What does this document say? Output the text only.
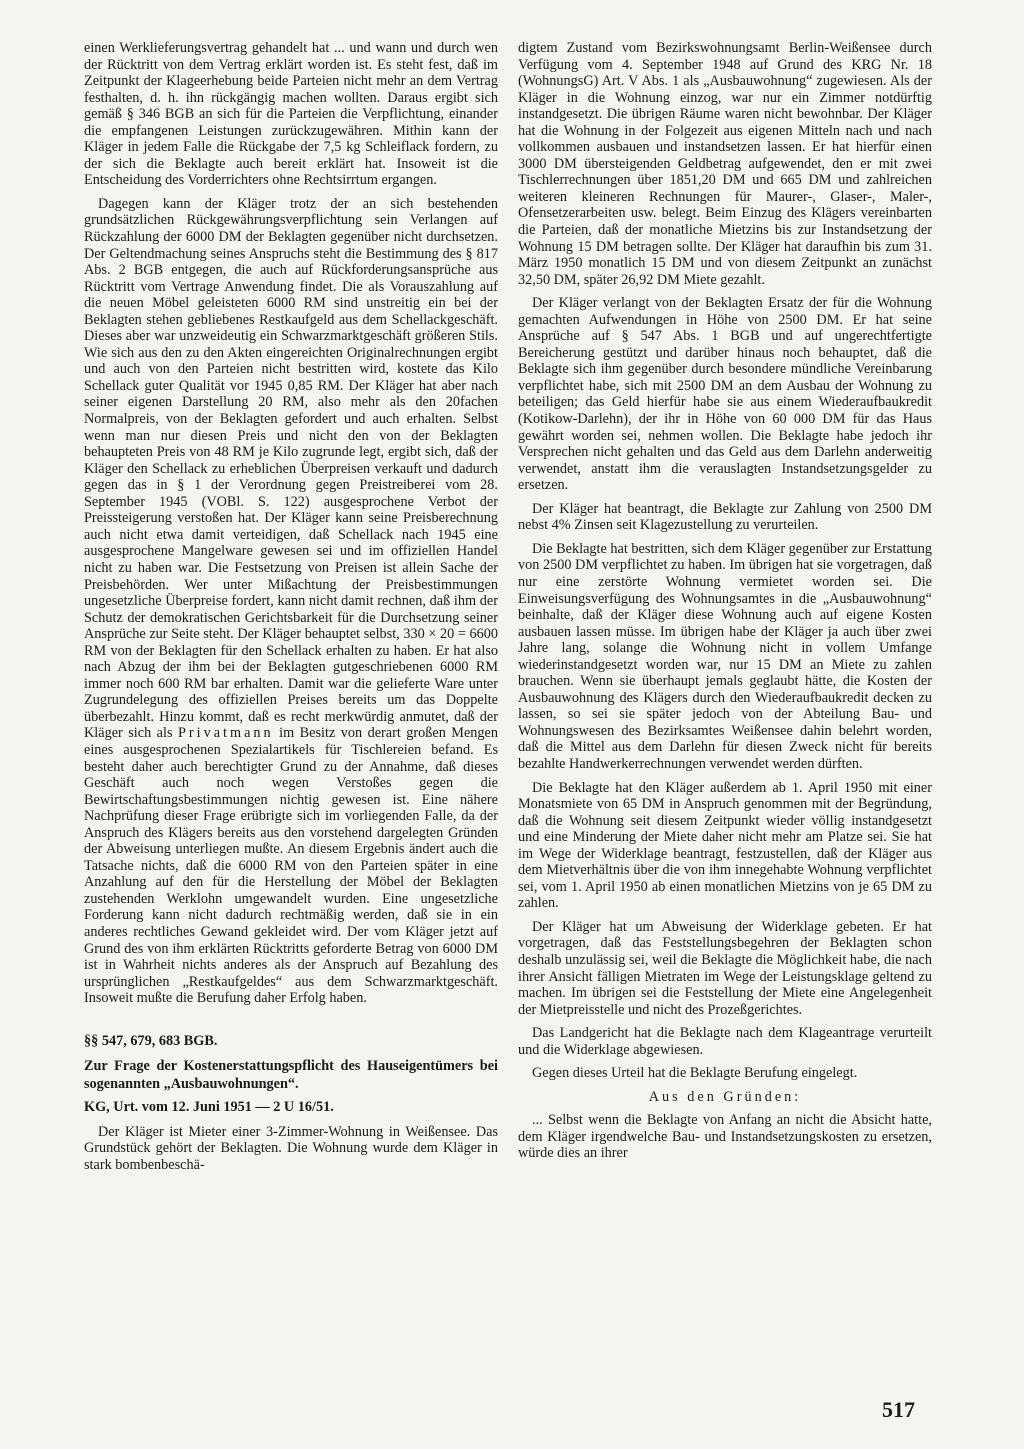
einen Werklieferungsvertrag gehandelt hat ... und wann und durch wen der Rücktritt von dem Vertrag erklärt worden ist. Es steht fest, daß im Zeitpunkt der Klageerhebung beide Parteien nicht mehr an dem Vertrag festhalten, d. h. ihn rückgängig machen wollten. Daraus ergibt sich gemäß § 346 BGB an sich für die Parteien die Verpflichtung, einander die empfangenen Leistungen zurückzugewähren. Mithin kann der Kläger in jedem Falle die Rückgabe der 7,5 kg Schleiflack fordern, zu der sich die Beklagte auch bereit erklärt hat. Insoweit ist die Entscheidung des Vorderrichters ohne Rechtsirrtum ergangen.

Dagegen kann der Kläger trotz der an sich bestehenden grundsätzlichen Rückgewährungsverpflichtung sein Verlangen auf Rückzahlung der 6000 DM der Beklagten gegenüber nicht durchsetzen. Der Geltendmachung seines Anspruchs steht die Bestimmung des § 817 Abs. 2 BGB entgegen, die auch auf Rückforderungsansprüche aus Rücktritt vom Vertrage Anwendung findet. Die als Vorauszahlung auf die neuen Möbel geleisteten 6000 RM sind unstreitig ein bei der Beklagten stehen gebliebenes Restkaufgeld aus dem Schellackgeschäft. Dieses aber war unzweideutig ein Schwarzmarktgeschäft größeren Stils. Wie sich aus den zu den Akten eingereichten Originalrechnungen ergibt und auch von den Parteien nicht bestritten wird, kostete das Kilo Schellack guter Qualität vor 1945 0,85 RM. Der Kläger hat aber nach seiner eigenen Darstellung 20 RM, also mehr als den 20fachen Normalpreis, von der Beklagten gefordert und auch erhalten. Selbst wenn man nur diesen Preis und nicht den von der Beklagten behaupteten Preis von 48 RM je Kilo zugrunde legt, ergibt sich, daß der Kläger den Schellack zu erheblichen Überpreisen verkauft und dadurch gegen das in § 1 der Verordnung gegen Preistreiberei vom 28. September 1945 (VOBl. S. 122) ausgesprochene Verbot der Preissteigerung verstoßen hat. Der Kläger kann seine Preisberechnung auch nicht etwa damit verteidigen, daß Schellack nach 1945 eine ausgesprochene Mangelware gewesen sei und im offiziellen Handel nicht zu haben war. Die Festsetzung von Preisen ist allein Sache der Preisbehörden. Wer unter Mißachtung der Preisbestimmungen ungesetzliche Überpreise fordert, kann nicht damit rechnen, daß ihm der Schutz der demokratischen Gerichtsbarkeit für die Durchsetzung seiner Ansprüche zur Seite steht. Der Kläger behauptet selbst, 330 × 20 = 6600 RM von der Beklagten für den Schellack erhalten zu haben. Er hat also nach Abzug der ihm bei der Beklagten gutgeschriebenen 6000 RM immer noch 600 RM bar erhalten. Damit war die gelieferte Ware unter Zugrundelegung des offiziellen Preises bereits um das Doppelte überbezahlt. Hinzu kommt, daß es recht merkwürdig anmutet, daß der Kläger sich als Privatmann im Besitz von derart großen Mengen eines ausgesprochenen Spezialartikels für Tischlereien befand. Es besteht daher auch berechtigter Grund zu der Annahme, daß dieses Geschäft auch noch wegen Verstoßes gegen die Bewirtschaftungsbestimmungen nichtig gewesen ist. Eine nähere Nachprüfung dieser Frage erübrigte sich im vorliegenden Falle, da der Anspruch des Klägers bereits aus den vorstehend dargelegten Gründen der Abweisung unterliegen mußte. An diesem Ergebnis ändert auch die Tatsache nichts, daß die 6000 RM von den Parteien später in eine Anzahlung auf den für die Herstellung der Möbel der Beklagten zustehenden Werklohn umgewandelt wurden. Eine ungesetzliche Forderung kann nicht dadurch rechtmäßig werden, daß sie in ein anderes rechtliches Gewand gekleidet wird. Der vom Kläger jetzt auf Grund des von ihm erklärten Rücktritts geforderte Betrag von 6000 DM ist in Wahrheit nichts anderes als der Anspruch auf Bezahlung des ursprünglichen „Restkaufgeldes“ aus dem Schwarzmarktgeschäft. Insoweit mußte die Berufung daher Erfolg haben.

§§ 547, 679, 683 BGB.
Zur Frage der Kostenerstattungspflicht des Hauseigentümers bei sogenannten „Ausbauwohnungen“.
KG, Urt. vom 12. Juni 1951 — 2 U 16/51.

Der Kläger ist Mieter einer 3-Zimmer-Wohnung in Weißensee. Das Grundstück gehört der Beklagten. Die Wohnung wurde dem Kläger in stark bombenbeschä-

digtem Zustand vom Bezirkswohnungsamt Berlin-Weißensee durch Verfügung vom 4. September 1948 auf Grund des KRG Nr. 18 (WohnungsG) Art. V Abs. 1 als „Ausbauwohnung“ zugewiesen. Als der Kläger in die Wohnung einzog, war nur ein Zimmer notdürftig instandgesetzt. Die übrigen Räume waren nicht bewohnbar. Der Kläger hat die Wohnung in der Folgezeit aus eigenen Mitteln nach und nach vollkommen ausbauen und instandsetzen lassen. Er hat hierfür einen 3000 DM übersteigenden Geldbetrag aufgewendet, den er mit zwei Tischlerrechnungen über 1851,20 DM und 665 DM und zahlreichen weiteren kleineren Rechnungen für Maurer-, Glaser-, Maler-, Ofensetzerarbeiten usw. belegt. Beim Einzug des Klägers vereinbarten die Parteien, daß der monatliche Mietzins bis zur Instandsetzung der Wohnung 15 DM betragen sollte. Der Kläger hat daraufhin bis zum 31. März 1950 monatlich 15 DM und von diesem Zeitpunkt an zunächst 32,50 DM, später 26,92 DM Miete gezahlt.

Der Kläger verlangt von der Beklagten Ersatz der für die Wohnung gemachten Aufwendungen in Höhe von 2500 DM. Er hat seine Ansprüche auf § 547 Abs. 1 BGB und auf ungerechtfertigte Bereicherung gestützt und darüber hinaus noch behauptet, daß die Beklagte sich ihm gegenüber durch besondere mündliche Vereinbarung verpflichtet habe, sich mit 2500 DM an dem Ausbau der Wohnung zu beteiligen; das Geld hierfür habe sie aus einem Wiederaufbaukredit (Kotikow-Darlehn), der ihr in Höhe von 60 000 DM für das Haus gewährt worden sei, nehmen wollen. Die Beklagte habe jedoch ihr Versprechen nicht gehalten und das Geld aus dem Darlehn anderweitig verwendet, anstatt ihm die verauslagten Instandsetzungsgelder zu ersetzen.

Der Kläger hat beantragt, die Beklagte zur Zahlung von 2500 DM nebst 4% Zinsen seit Klagezustellung zu verurteilen.

Die Beklagte hat bestritten, sich dem Kläger gegenüber zur Erstattung von 2500 DM verpflichtet zu haben. Im übrigen hat sie vorgetragen, daß nur eine zerstörte Wohnung vermietet worden sei. Die Einweisungsverfügung des Wohnungsamtes in die „Ausbauwohnung“ beinhalte, daß der Kläger diese Wohnung auch auf eigene Kosten ausbauen lassen müsse. Im übrigen habe der Kläger ja auch über zwei Jahre lang, solange die Wohnung nicht in vollem Umfange wiederinstandgesetzt worden war, nur 15 DM an Miete zu zahlen brauchen. Wenn sie überhaupt jemals geglaubt hätte, die Kosten der Ausbauwohnung des Klägers durch den Wiederaufbaukredit decken zu lassen, so sei sie später jedoch von der Abteilung Bau- und Wohnungswesen des Bezirksamtes Weißensee dahin belehrt worden, daß die Mittel aus dem Darlehn für diesen Zweck nicht für bereits bezahlte Handwerkerrechnungen verwendet werden dürften.

Die Beklagte hat den Kläger außerdem ab 1. April 1950 mit einer Monatsmiete von 65 DM in Anspruch genommen mit der Begründung, daß die Wohnung seit diesem Zeitpunkt wieder völlig instandgesetzt und eine Minderung der Miete daher nicht mehr am Platze sei. Sie hat im Wege der Widerklage beantragt, festzustellen, daß der Kläger aus dem Mietverhältnis über die von ihm innegehabte Wohnung verpflichtet sei, vom 1. April 1950 ab einen monatlichen Mietzins von je 65 DM zu zahlen.

Der Kläger hat um Abweisung der Widerklage gebeten. Er hat vorgetragen, daß das Feststellungsbegehren der Beklagten schon deshalb unzulässig sei, weil die Beklagte die Möglichkeit habe, die nach ihrer Ansicht fälligen Mietraten im Wege der Leistungsklage geltend zu machen. Im übrigen sei die Feststellung der Miete eine Angelegenheit der Mietpreisstelle und nicht des Prozeßgerichtes.

Das Landgericht hat die Beklagte nach dem Klageantrage verurteilt und die Widerklage abgewiesen.

Gegen dieses Urteil hat die Beklagte Berufung eingelegt.

Aus den Gründen:

... Selbst wenn die Beklagte von Anfang an nicht die Absicht hatte, dem Kläger irgendwelche Bau- und Instandsetzungskosten zu ersetzen, würde dies an ihrer

517
